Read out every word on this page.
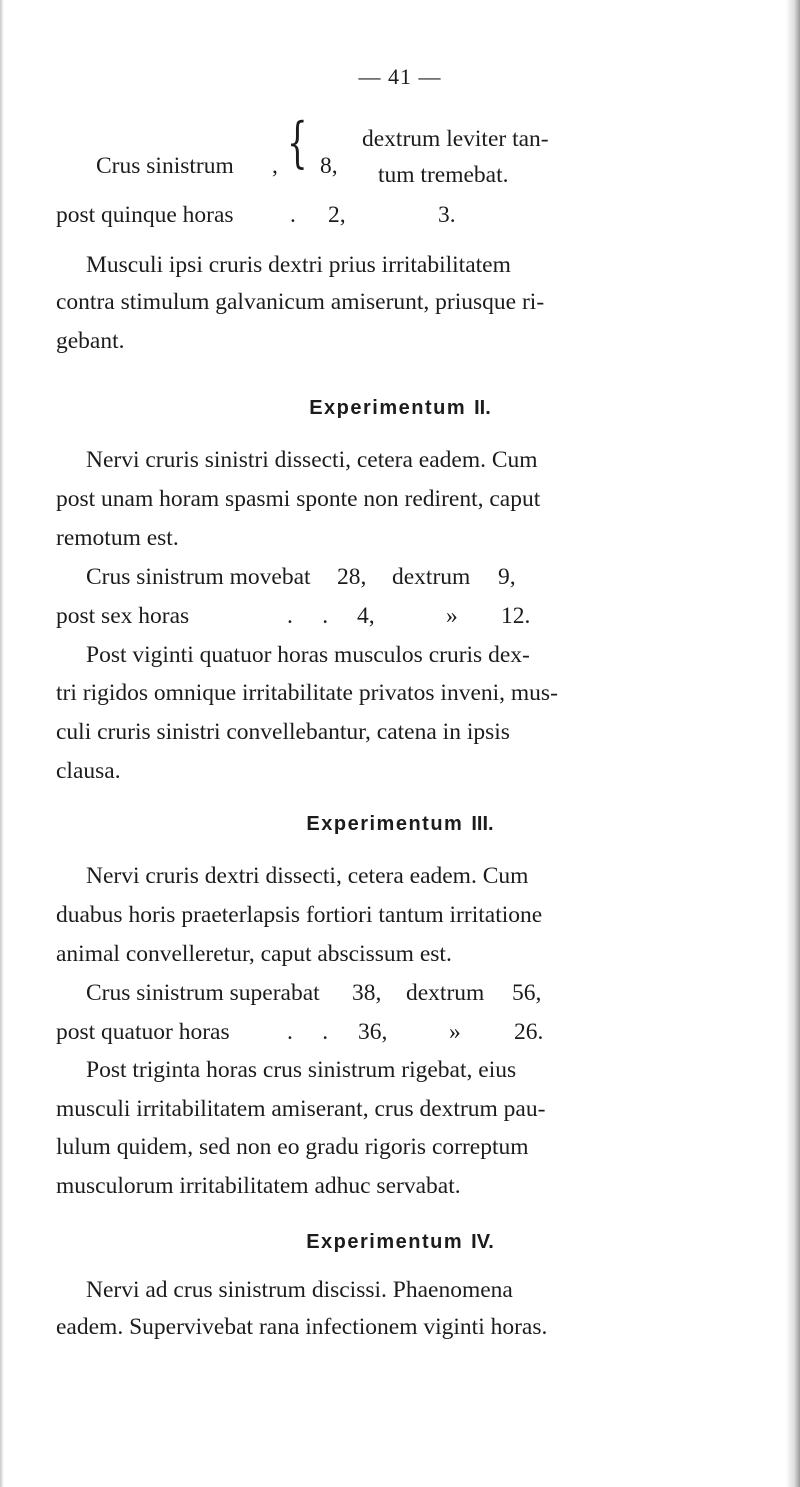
— 41 —
Crus sinistrum , 8,
{ dextrum leviter tan-
tum tremebat.
post quinque horas . 2,	3.
Musculi ipsi cruris dextri prius irritabilitatem
contra stimulum galvanicum amiserunt, priusque ri-
gebant.
Experimentum II.
Nervi cruris sinistri dissecti, cetera eadem. Cum
post unam horam spasmi sponte non redirent, caput
remotum est.
Crus sinistrum movebat 28, dextrum 9,
post sex horas	.     . 4,	» 12.
Post viginti quatuor horas musculos cruris dex-
tri rigidos omnique irritabilitate privatos inveni, mus-
culi cruris sinistri convellebantur, catena in ipsis
clausa.
Experimentum III.
Nervi cruris dextri dissecti, cetera eadem. Cum
duabus horis praeterlapsis fortiori tantum irritatione
animal convelleretur, caput abscissum est.
Crus sinistrum superabat 38, dextrum 56,
post quatuor horas .     . 36,	» 26.
Post triginta horas crus sinistrum rigebat, eius
musculi irritabilitatem amiserant, crus dextrum pau-
lulum quidem, sed non eo gradu rigoris correptum
musculorum irritabilitatem adhuc servabat.
Experimentum IV.
Nervi ad crus sinistrum discissi. Phaenomena
eadem. Supervivebat rana infectionem viginti horas.
